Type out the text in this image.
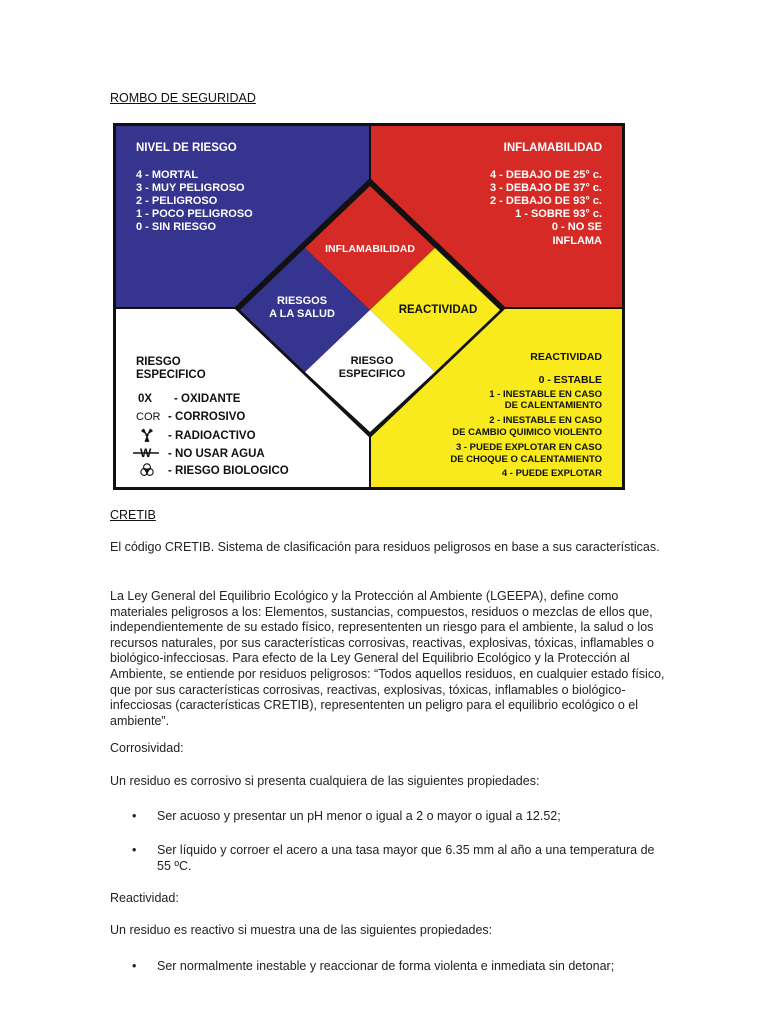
ROMBO DE SEGURIDAD
NIVEL DE RIESGO
4 - MORTAL
3 - MUY PELIGROSO
2 - PELIGROSO
1 - POCO PELIGROSO
0 - SIN RIESGO
INFLAMABILIDAD
4 - DEBAJO DE 25° c.
3 - DEBAJO DE 37° c.
2 - DEBAJO DE 93° c.
1 - SOBRE 93° c.
0 - NO SE
INFLAMA
INFLAMABILIDAD
RIESGOS
A LA SALUD	REACTIVIDAD
RIESGO
ESPECIFICO
RIESGO
ESPECIFICO
0X - OXIDANTE
COR - CORROSIVO
- RADIOACTIVO
W - NO USAR AGUA
- RIESGO BIOLOGICO
REACTIVIDAD
0 - ESTABLE
1 - INESTABLE EN CASO
DE CALENTAMIENTO
2 - INESTABLE EN CASO
DE CAMBIO QUIMICO VIOLENTO
3 - PUEDE EXPLOTAR EN CASO
DE CHOQUE O CALENTAMIENTO
4 - PUEDE EXPLOTAR
CRETIB
El código CRETIB. Sistema de clasificación para residuos peligrosos en base a sus características.
La Ley General del Equilibrio Ecológico y la Protección al Ambiente (LGEEPA), define como materiales peligrosos a los: Elementos, sustancias, compuestos, residuos o mezclas de ellos que, independientemente de su estado físico, represententen un riesgo para el ambiente, la salud o los recursos naturales, por sus características corrosivas, reactivas, explosivas, tóxicas, inflamables o biológico-infecciosas. Para efecto de la Ley General del Equilibrio Ecológico y la Protección al Ambiente, se entiende por residuos peligrosos: “Todos aquellos residuos, en cualquier estado físico, que por sus características corrosivas, reactivas, explosivas, tóxicas, inflamables o biológico-infecciosas (características CRETIB), represententen un peligro para el equilibrio ecológico o el ambiente”.
Corrosividad:
Un residuo es corrosivo si presenta cualquiera de las siguientes propiedades:
• Ser acuoso y presentar un pH menor o igual a 2 o mayor o igual a 12.52;
• Ser líquido y corroer el acero a una tasa mayor que 6.35 mm al año a una temperatura de 55 ºC.
Reactividad:
Un residuo es reactivo si muestra una de las siguientes propiedades:
• Ser normalmente inestable y reaccionar de forma violenta e inmediata sin detonar;
